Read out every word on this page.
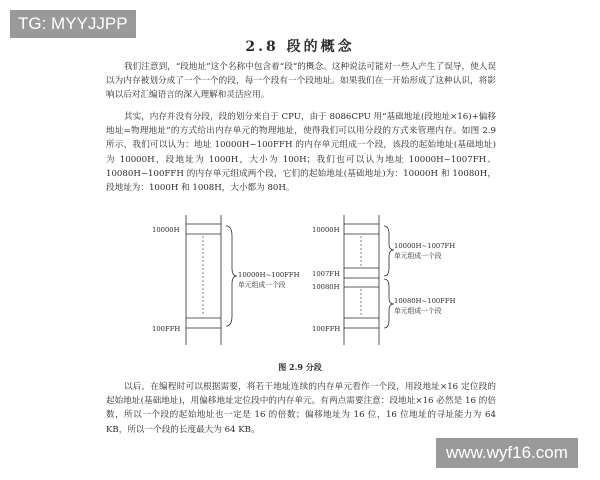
TG: MYYJJPP
2.8 段的概念

我们注意到，“段地址”这个名称中包含着“段”的概念。这种说法可能对一些人产生了误导，使人误以为内存被划分成了一个一个的段，每一个段有一个段地址。如果我们在一开始形成了这种认识，将影响以后对汇编语言的深入理解和灵活应用。

其实，内存并没有分段，段的划分来自于 CPU，由于 8086CPU 用“基础地址(段地址×16)+偏移地址=物理地址”的方式给出内存单元的物理地址，使得我们可以用分段的方式来管理内存。如图 2.9 所示，我们可以认为：地址 10000H~100FFH 的内存单元组成一个段，该段的起始地址(基础地址)为 10000H，段地址为 1000H，大小为 100H；我们也可以认为地址 10000H~1007FH、10080H~100FFH 的内存单元组成两个段，它们的起始地址(基础地址)为：10000H 和 10080H，段地址为：1000H 和 1008H，大小都为 80H。

10000H
100FFH
10000H~100FFH
单元组成一个段
10000H
1007FH
10080H
100FFH
10000H~1007FH
单元组成一个段
10080H~100FFH
单元组成一个段
图 2.9 分段

以后，在编程时可以根据需要，将若干地址连续的内存单元看作一个段，用段地址×16 定位段的起始地址(基础地址)，用偏移地址定位段中的内存单元。有两点需要注意：段地址×16 必然是 16 的倍数，所以一个段的起始地址也一定是 16 的倍数；偏移地址为 16 位，16 位地址的寻址能力为 64 KB，所以一个段的长度最大为 64 KB。

www.wyf16.com
